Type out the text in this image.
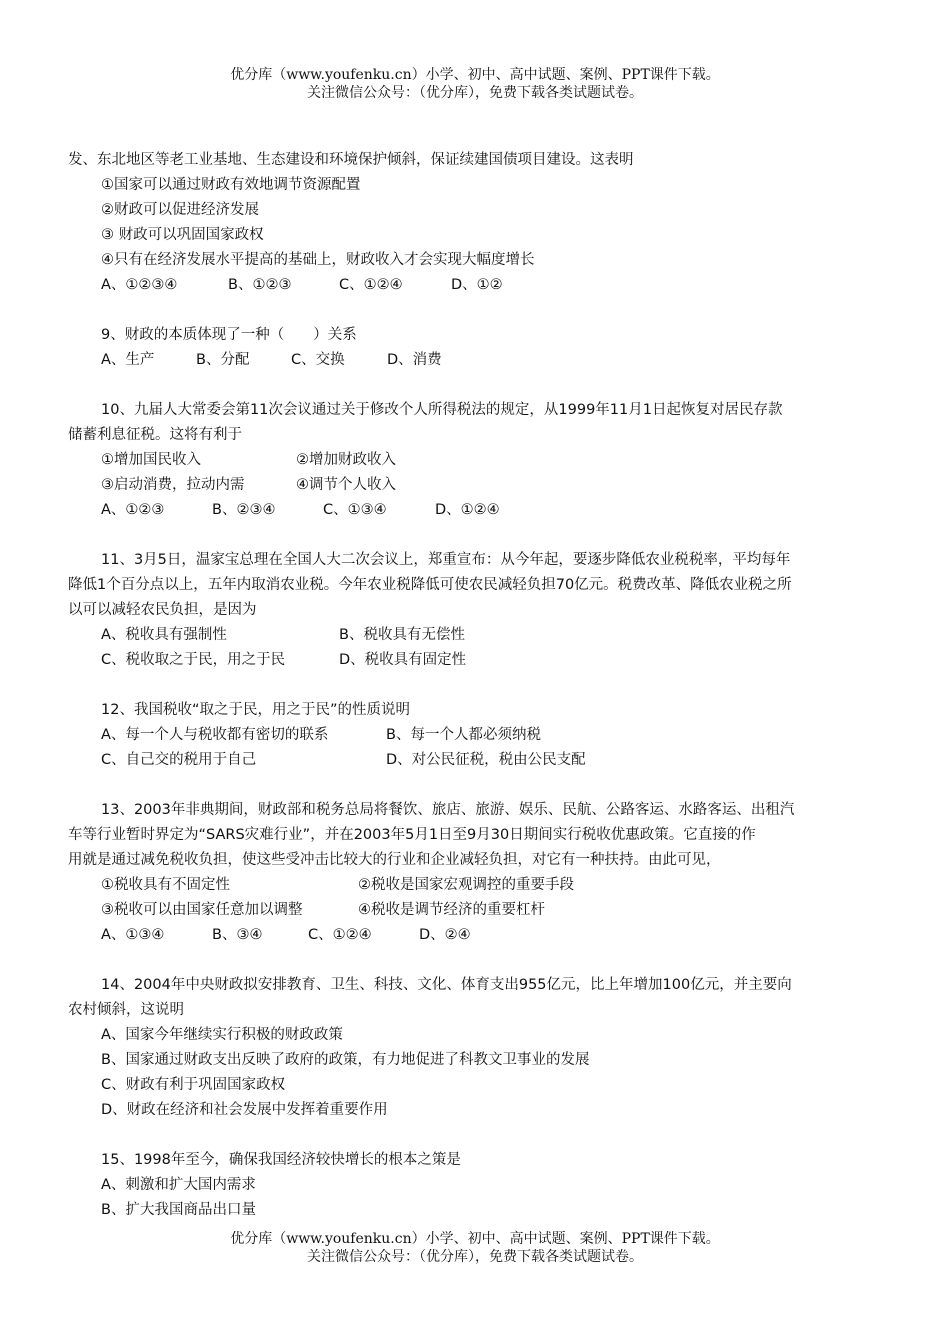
优分库（www.youfenku.cn）小学、初中、高中试题、案例、PPT课件下载。
关注微信公众号：（优分库），免费下载各类试题试卷。
发、东北地区等老工业基地、生态建设和环境保护倾斜，保证续建国债项目建设。这表明
①国家可以通过财政有效地调节资源配置
②财政可以促进经济发展
③ 财政可以巩固国家政权
④只有在经济发展水平提高的基础上，财政收入才会实现大幅度增长
A、①②③④	B、①②③	C、①②④	D、①②
9、财政的本质体现了一种（　　）关系
A、生产	B、分配	C、交换	D、消费
10、九届人大常委会第11次会议通过关于修改个人所得税法的规定，从1999年11月1日起恢复对居民存款
储蓄利息征税。这将有利于
①增加国民收入	②增加财政收入
③启动消费，拉动内需	④调节个人收入
A、①②③	B、②③④	C、①③④	D、①②④
11、3月5日，温家宝总理在全国人大二次会议上，郑重宣布：从今年起，要逐步降低农业税税率，平均每年
降低1个百分点以上，五年内取消农业税。今年农业税降低可使农民减轻负担70亿元。税费改革、降低农业税之所
以可以减轻农民负担，是因为
A、税收具有强制性	B、税收具有无偿性
C、税收取之于民，用之于民	D、税收具有固定性
12、我国税收“取之于民，用之于民”的性质说明
A、每一个人与税收都有密切的联系	B、每一个人都必须纳税
C、自己交的税用于自己	D、对公民征税，税由公民支配
13、2003年非典期间，财政部和税务总局将餐饮、旅店、旅游、娱乐、民航、公路客运、水路客运、出租汽
车等行业暂时界定为“SARS灾难行业”，并在2003年5月1日至9月30日期间实行税收优惠政策。它直接的作
用就是通过减免税收负担，使这些受冲击比较大的行业和企业减轻负担，对它有一种扶持。由此可见，
①税收具有不固定性	②税收是国家宏观调控的重要手段
③税收可以由国家任意加以调整	④税收是调节经济的重要杠杆
A、①③④	B、③④	C、①②④	D、②④
14、2004年中央财政拟安排教育、卫生、科技、文化、体育支出955亿元，比上年增加100亿元，并主要向
农村倾斜，这说明
A、国家今年继续实行积极的财政政策
B、国家通过财政支出反映了政府的政策，有力地促进了科教文卫事业的发展
C、财政有利于巩固国家政权
D、财政在经济和社会发展中发挥着重要作用
15、1998年至今，确保我国经济较快增长的根本之策是
A、刺激和扩大国内需求
B、扩大我国商品出口量
优分库（www.youfenku.cn）小学、初中、高中试题、案例、PPT课件下载。
关注微信公众号：（优分库），免费下载各类试题试卷。
